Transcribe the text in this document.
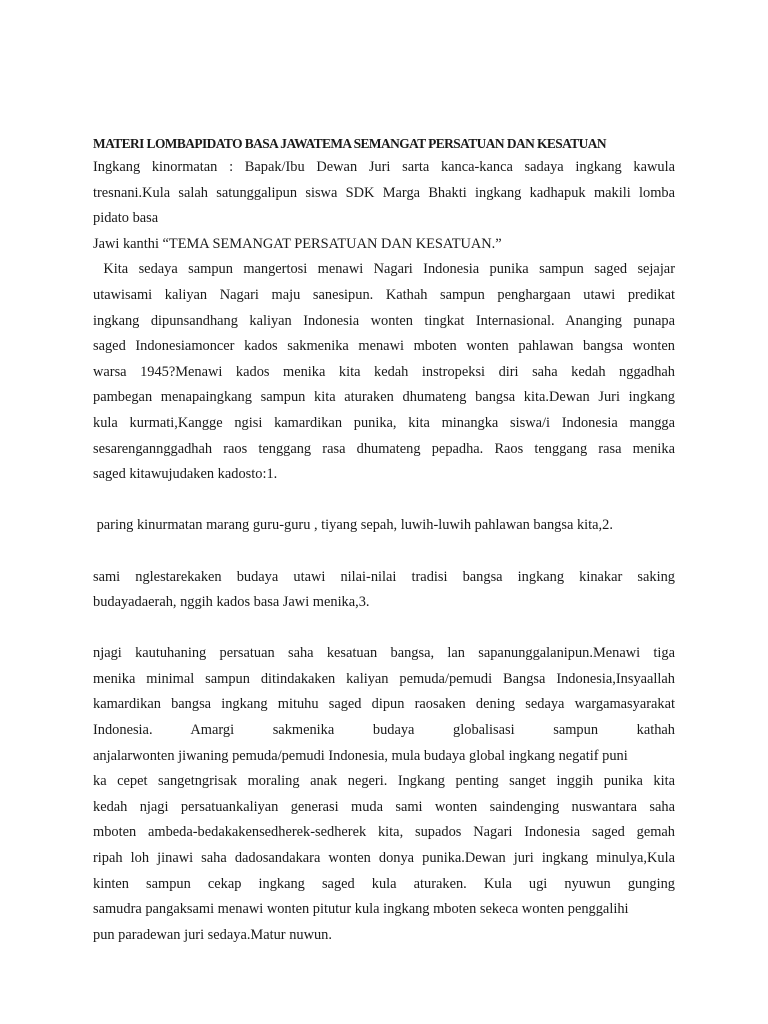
MATERI LOMBAPIDATO BASA JAWATEMA SEMANGAT PERSATUAN DAN KESATUAN
Ingkang kinormatan : Bapak/Ibu Dewan Juri sarta kanca-kanca sadaya ingkang kawula
tresnani.Kula salah satunggalipun siswa SDK Marga Bhakti ingkang kadhapuk makili lomba
pidato basa
Jawi kanthi “TEMA SEMANGAT PERSATUAN DAN KESATUAN.”
Kita sedaya sampun mangertosi menawi Nagari Indonesia punika sampun saged sejajar
utawisami kaliyan Nagari maju sanesipun. Kathah sampun penghargaan utawi predikat
ingkang dipunsandhang kaliyan Indonesia wonten tingkat Internasional. Ananging punapa
saged Indonesiamoncer kados sakmenika menawi mboten wonten pahlawan bangsa wonten
warsa 1945?Menawi kados menika kita kedah instropeksi diri saha kedah nggadhah
pambegan menapaingkang sampun kita aturaken dhumateng bangsa kita.Dewan Juri ingkang
kula kurmati,Kangge ngisi kamardikan punika, kita minangka siswa/i Indonesia mangga
sesarengannggadhah raos tenggang rasa dhumateng pepadha. Raos tenggang rasa menika
saged kitawujudaken kadosto:1.
paring kinurmatan marang guru-guru , tiyang sepah, luwih-luwih pahlawan bangsa kita,2.
sami nglestarekaken budaya utawi nilai-nilai tradisi bangsa ingkang kinakar saking
budayadaerah, nggih kados basa Jawi menika,3.
njagi kautuhaning persatuan saha kesatuan bangsa, lan sapanunggalanipun.Menawi tiga
menika minimal sampun ditindakaken kaliyan pemuda/pemudi Bangsa Indonesia,Insyaallah
kamardikan bangsa ingkang mituhu saged dipun raosaken dening sedaya wargamasyarakat
Indonesia. Amargi sakmenika budaya globalisasi sampun kathah
anjalarwonten jiwaning pemuda/pemudi Indonesia, mula budaya global ingkang negatif puni
ka cepet sangetngrisak moraling anak negeri. Ingkang penting sanget inggih punika kita
kedah njagi persatuankaliyan generasi muda sami wonten saindenging nuswantara saha
mboten ambeda-bedakakensedherek-sedherek kita, supados Nagari Indonesia saged gemah
ripah loh jinawi saha dadosandakara wonten donya punika.Dewan juri ingkang minulya,Kula
kinten sampun cekap ingkang saged kula aturaken. Kula ugi nyuwun gunging
samudra pangaksami menawi wonten pitutur kula ingkang mboten sekeca wonten penggalihi
pun paradewan juri sedaya.Matur nuwun.
